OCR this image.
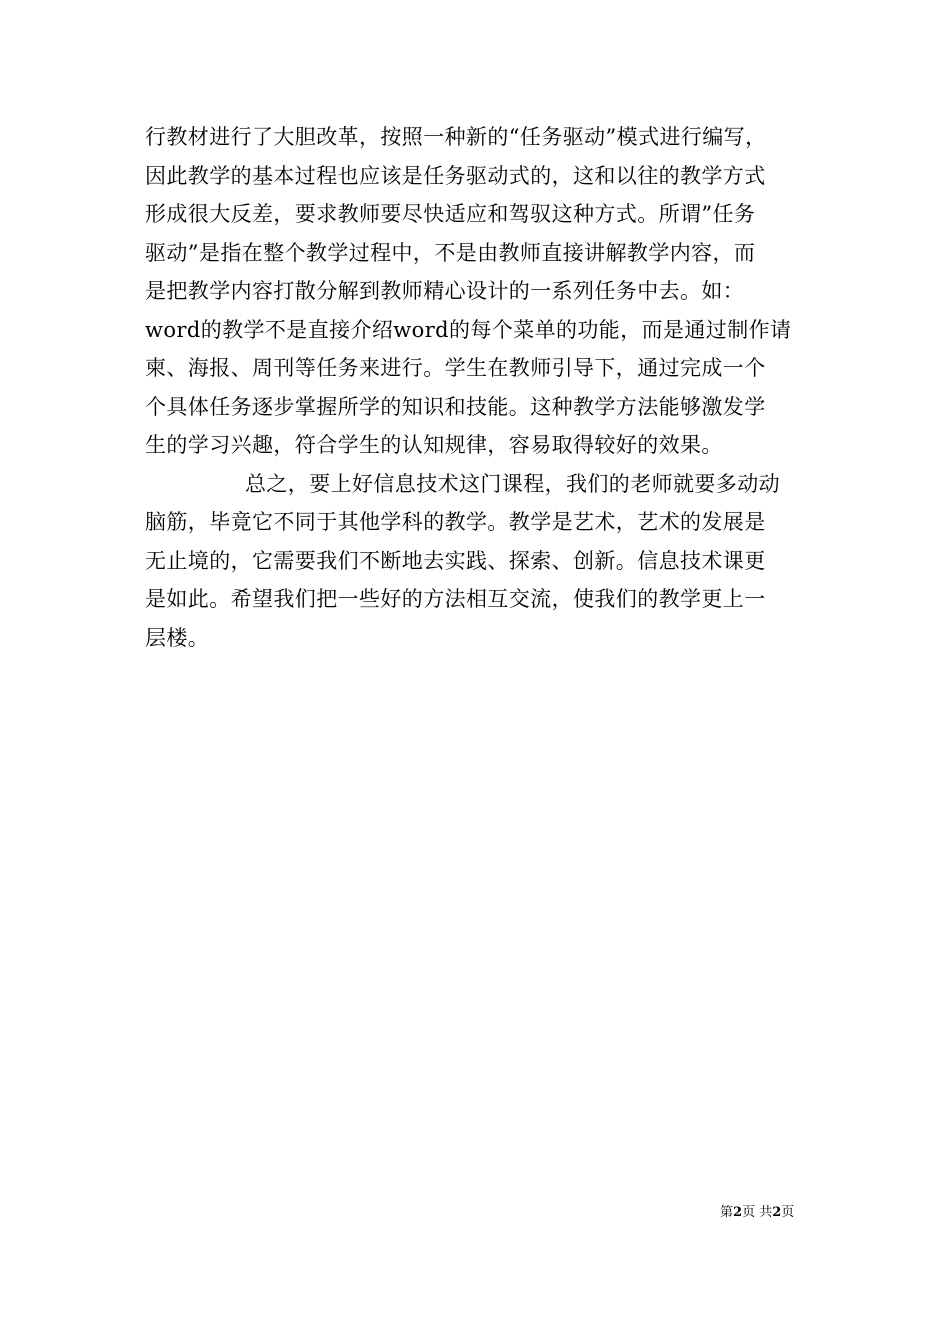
行教材进行了大胆改革，按照一种新的“任务驱动”模式进行编写，
因此教学的基本过程也应该是任务驱动式的，这和以往的教学方式
形成很大反差，要求教师要尽快适应和驾驭这种方式。所谓”任务
驱动”是指在整个教学过程中，不是由教师直接讲解教学内容，而
是把教学内容打散分解到教师精心设计的一系列任务中去。如：
word的教学不是直接介绍word的每个菜单的功能，而是通过制作请
柬、海报、周刊等任务来进行。学生在教师引导下，通过完成一个
个具体任务逐步掌握所学的知识和技能。这种教学方法能够激发学
生的学习兴趣，符合学生的认知规律，容易取得较好的效果。
总之，要上好信息技术这门课程，我们的老师就要多动动
脑筋，毕竟它不同于其他学科的教学。教学是艺术，艺术的发展是
无止境的，它需要我们不断地去实践、探索、创新。信息技术课更
是如此。希望我们把一些好的方法相互交流，使我们的教学更上一
层楼。
第2页 共2页
